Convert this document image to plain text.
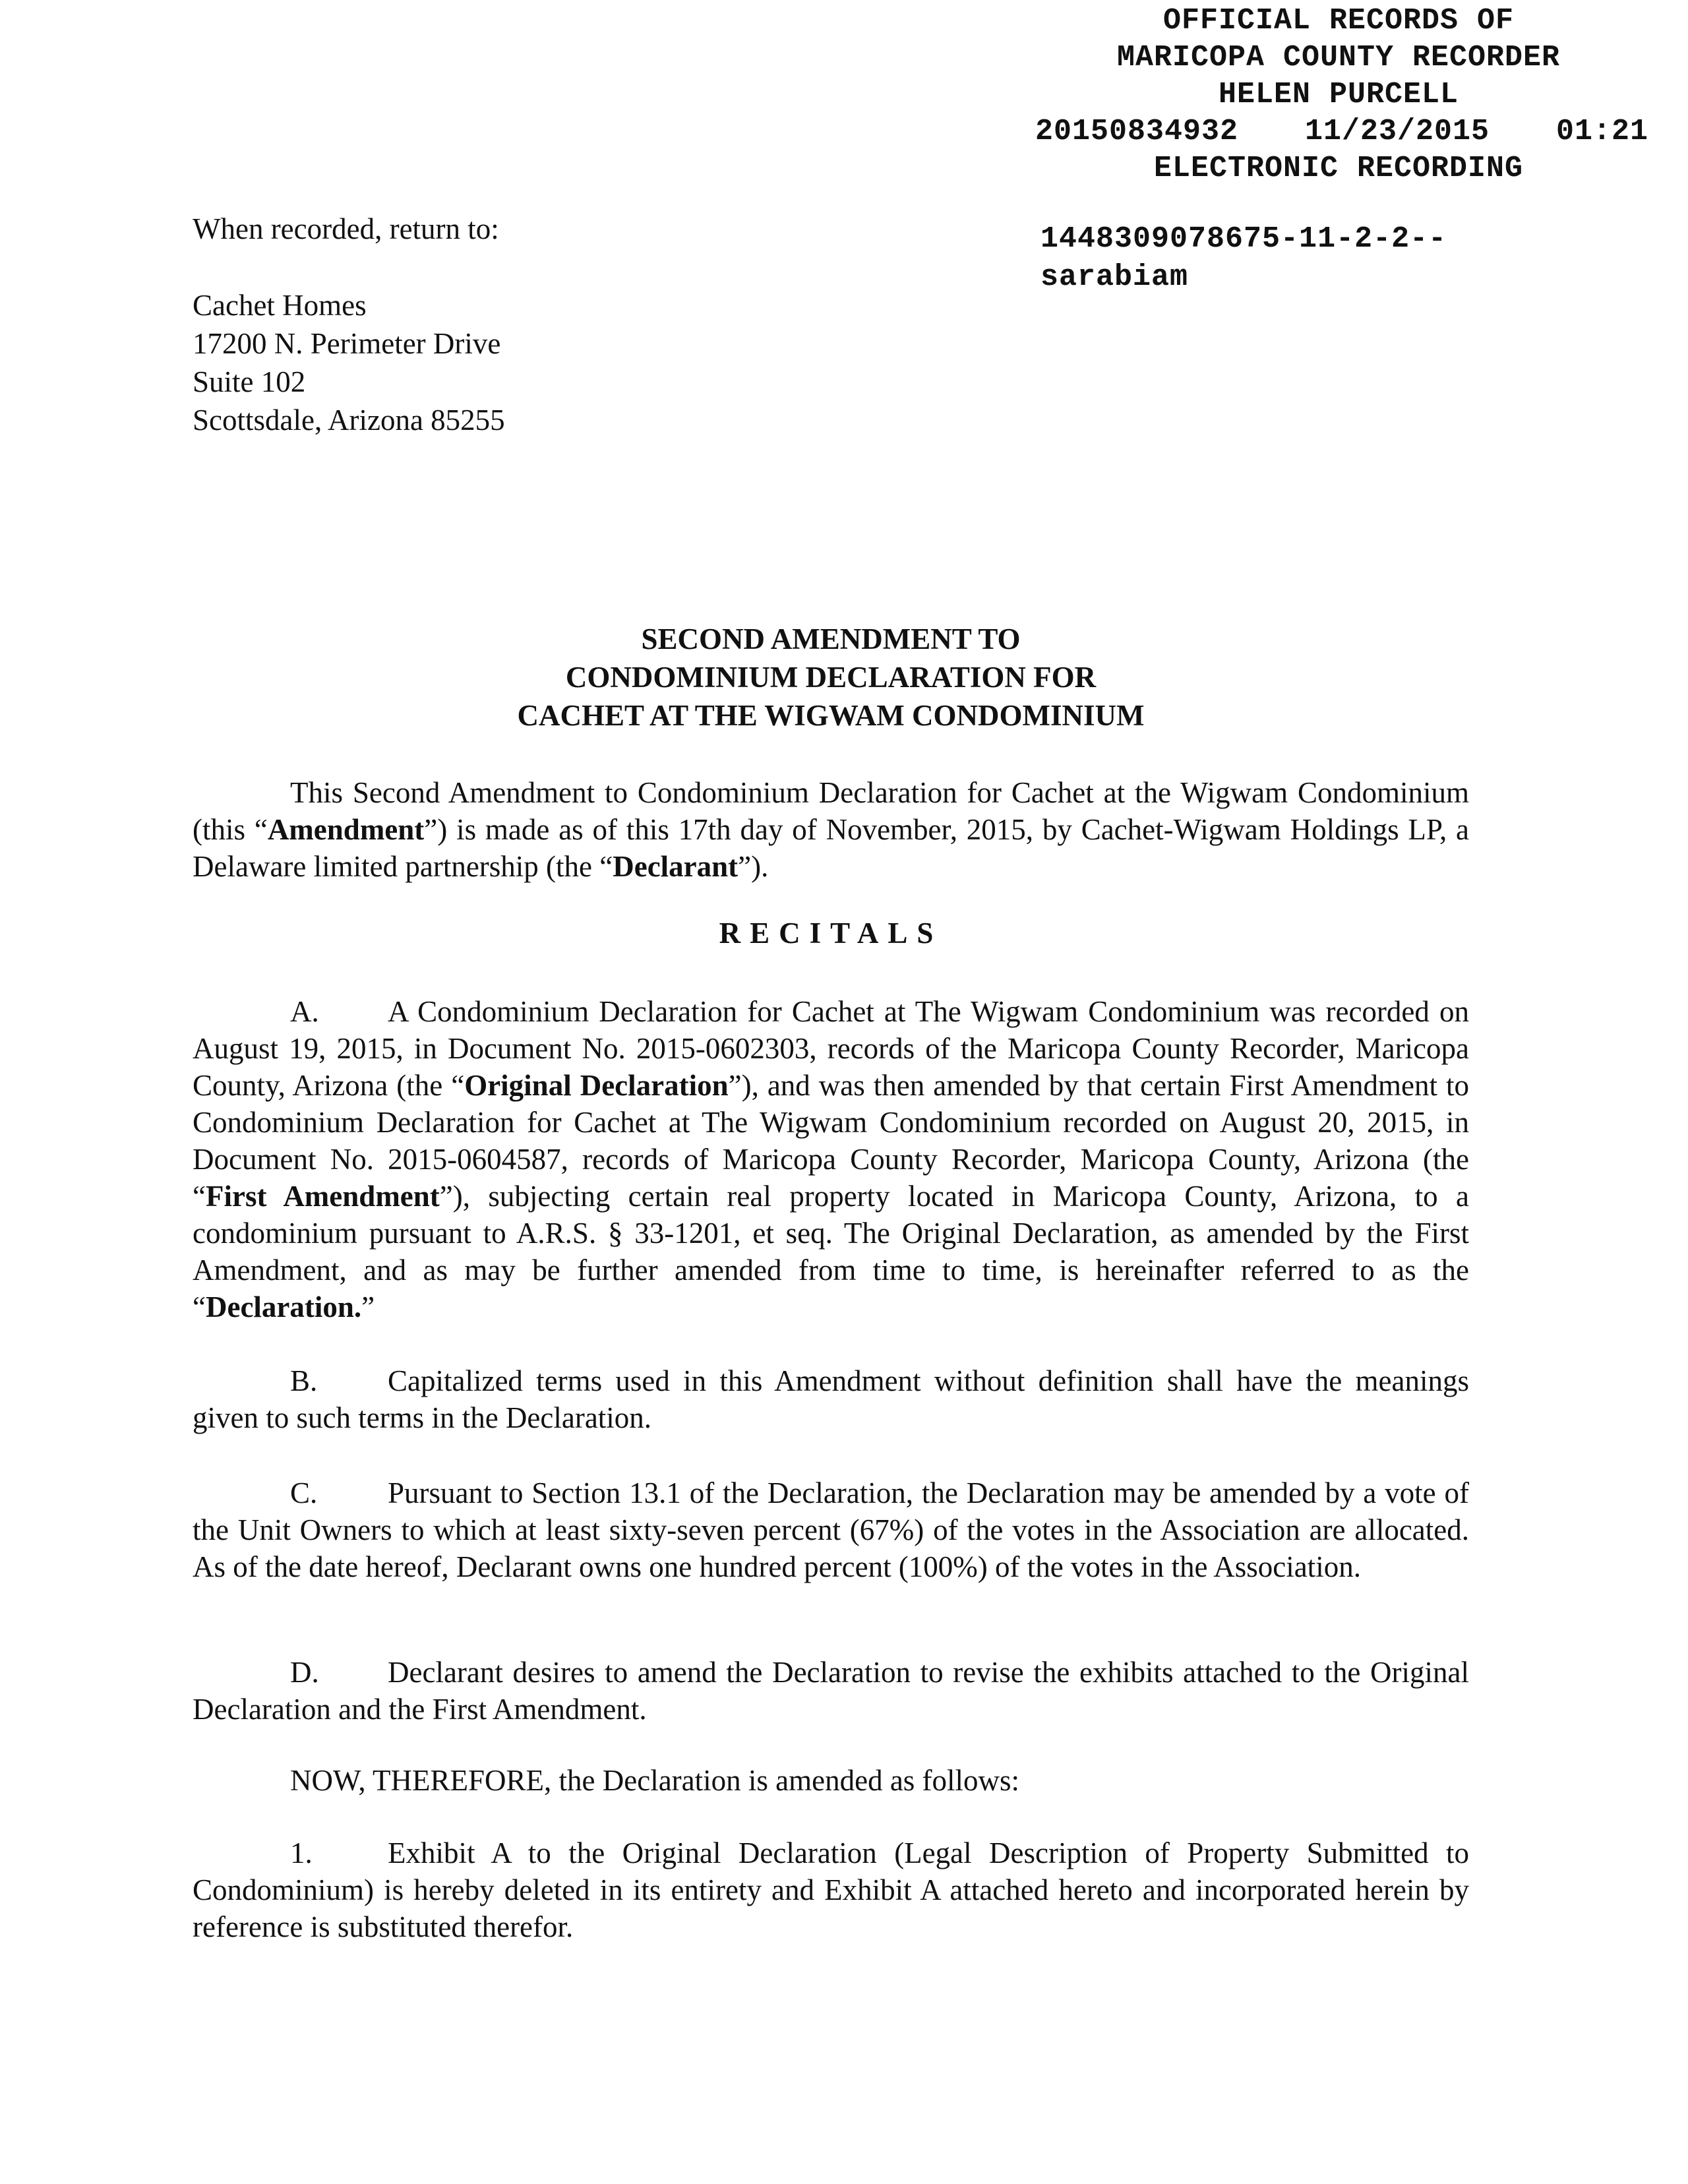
OFFICIAL RECORDS OF
MARICOPA COUNTY RECORDER
HELEN PURCELL
20150834932 11/23/2015 01:21
ELECTRONIC RECORDING
1448309078675-11-2-2--
sarabiam
When recorded, return to:
Cachet Homes
17200 N. Perimeter Drive
Suite 102
Scottsdale, Arizona 85255
SECOND AMENDMENT TO
CONDOMINIUM DECLARATION FOR
CACHET AT THE WIGWAM CONDOMINIUM

This Second Amendment to Condominium Declaration for Cachet at the Wigwam Condominium (this “Amendment”) is made as of this 17th day of November, 2015, by Cachet-Wigwam Holdings LP, a Delaware limited partnership (the “Declarant”).

RECITALS

A. A Condominium Declaration for Cachet at The Wigwam Condominium was recorded on August 19, 2015, in Document No. 2015-0602303, records of the Maricopa County Recorder, Maricopa County, Arizona (the “Original Declaration”), and was then amended by that certain First Amendment to Condominium Declaration for Cachet at The Wigwam Condominium recorded on August 20, 2015, in Document No. 2015-0604587, records of Maricopa County Recorder, Maricopa County, Arizona (the “First Amendment”), subjecting certain real property located in Maricopa County, Arizona, to a condominium pursuant to A.R.S. § 33-1201, et seq. The Original Declaration, as amended by the First Amendment, and as may be further amended from time to time, is hereinafter referred to as the “Declaration.”

B. Capitalized terms used in this Amendment without definition shall have the meanings given to such terms in the Declaration.

C. Pursuant to Section 13.1 of the Declaration, the Declaration may be amended by a vote of the Unit Owners to which at least sixty-seven percent (67%) of the votes in the Association are allocated. As of the date hereof, Declarant owns one hundred percent (100%) of the votes in the Association.

D. Declarant desires to amend the Declaration to revise the exhibits attached to the Original Declaration and the First Amendment.

NOW, THEREFORE, the Declaration is amended as follows:

1.	Exhibit A to the Original Declaration (Legal Description of Property Submitted to Condominium) is hereby deleted in its entirety and Exhibit A attached hereto and incorporated herein by reference is substituted therefor.
